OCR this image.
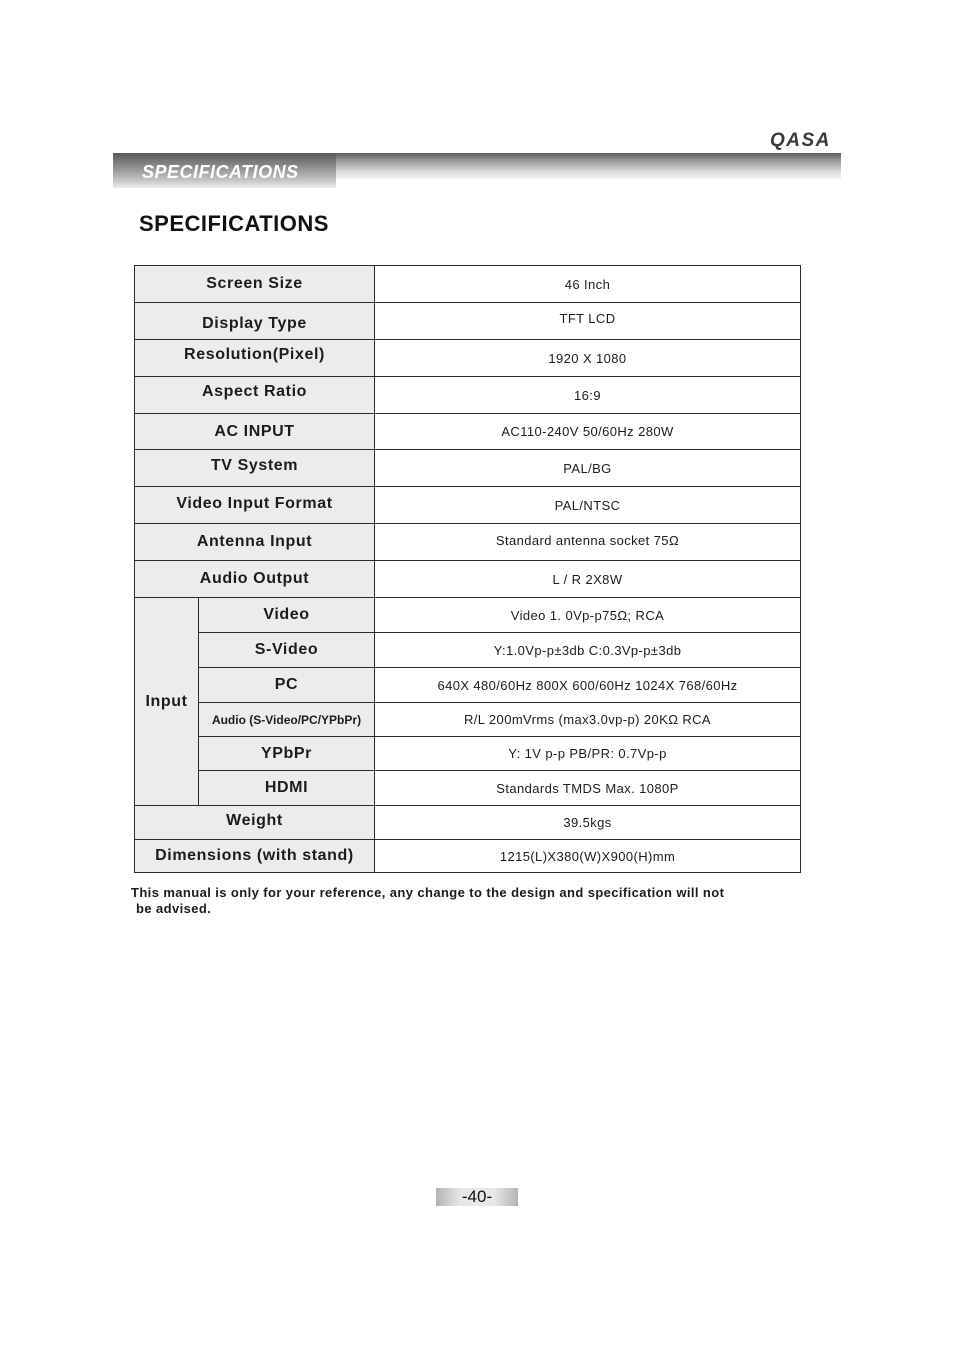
QASA
SPECIFICATIONS
SPECIFICATIONS
Screen Size		46 Inch
Display Type		TFT LCD
Resolution(Pixel)		1920 X 1080
Aspect Ratio		16:9
AC INPUT		AC110-240V 50/60Hz 280W
TV System		PAL/BG
Video Input Format		PAL/NTSC
Antenna Input		Standard antenna socket 75Ω
Audio Output		L / R 2X8W
Input	Video	Video 1. 0Vp-p75Ω; RCA
	S-Video	Y:1.0Vp-p±3db C:0.3Vp-p±3db
	PC	640X 480/60Hz 800X 600/60Hz 1024X 768/60Hz
	Audio (S-Video/PC/YPbPr)	R/L 200mVrms (max3.0vp-p) 20KΩ RCA
	YPbPr	Y: 1V p-p PB/PR: 0.7Vp-p
	HDMI	Standards TMDS Max. 1080P
Weight		39.5kgs
Dimensions (with stand)		1215(L)X380(W)X900(H)mm

This manual is only for your reference, any change to the design and specification will not
be advised.

-40-
